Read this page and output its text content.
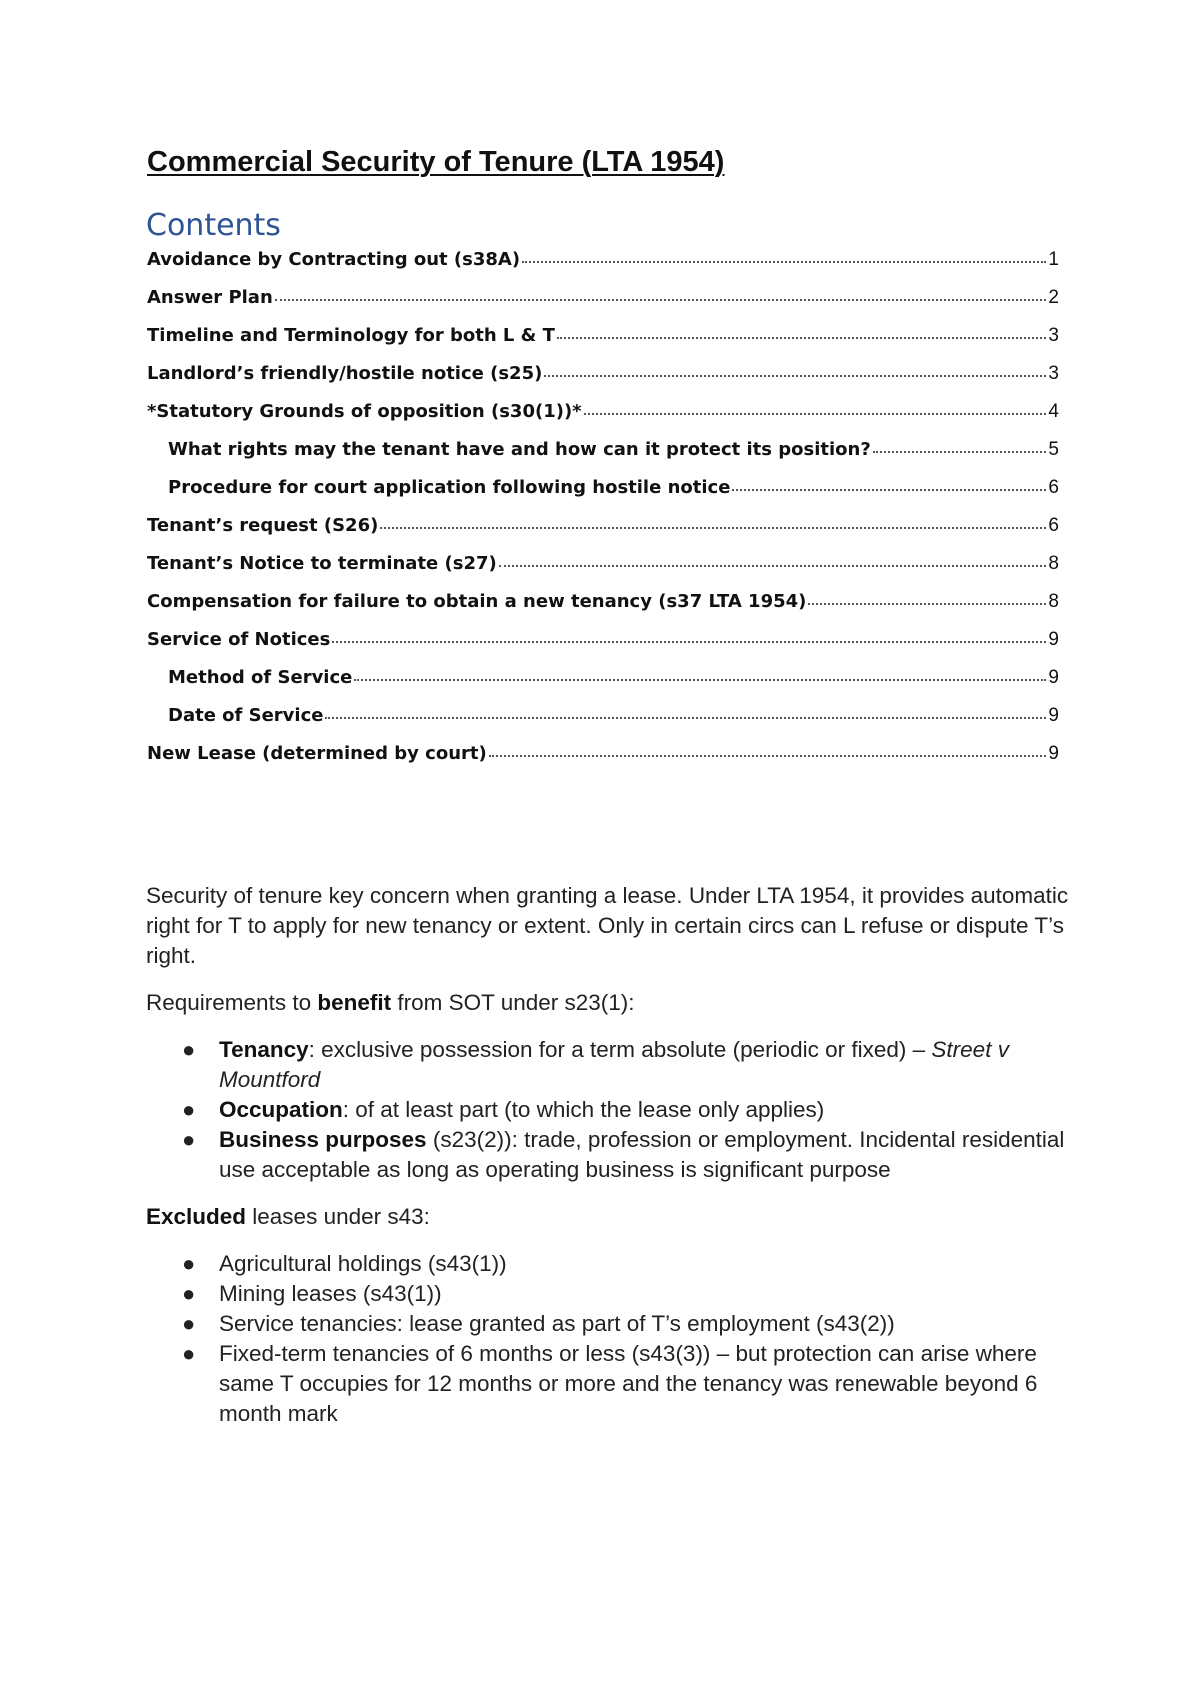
Commercial Security of Tenure (LTA 1954)
Contents
Avoidance by Contracting out (s38A)	1
Answer Plan	2
Timeline and Terminology for both L & T	3
Landlord’s friendly/hostile notice (s25)	3
*Statutory Grounds of opposition (s30(1))*	4
What rights may the tenant have and how can it protect its position?	5
Procedure for court application following hostile notice	6
Tenant’s request (S26)	6
Tenant’s Notice to terminate (s27)	8
Compensation for failure to obtain a new tenancy (s37 LTA 1954)	8
Service of Notices	9
Method of Service	9
Date of Service	9
New Lease (determined by court)	9

Security of tenure key concern when granting a lease. Under LTA 1954, it provides automatic right for T to apply for new tenancy or extent. Only in certain circs can L refuse or dispute T’s right.

Requirements to benefit from SOT under s23(1):

● Tenancy: exclusive possession for a term absolute (periodic or fixed) – Street v Mountford
● Occupation: of at least part (to which the lease only applies)
● Business purposes (s23(2)): trade, profession or employment. Incidental residential use acceptable as long as operating business is significant purpose

Excluded leases under s43:

● Agricultural holdings (s43(1))
● Mining leases (s43(1))
● Service tenancies: lease granted as part of T’s employment (s43(2))
● Fixed-term tenancies of 6 months or less (s43(3)) – but protection can arise where same T occupies for 12 months or more and the tenancy was renewable beyond 6 month mark
